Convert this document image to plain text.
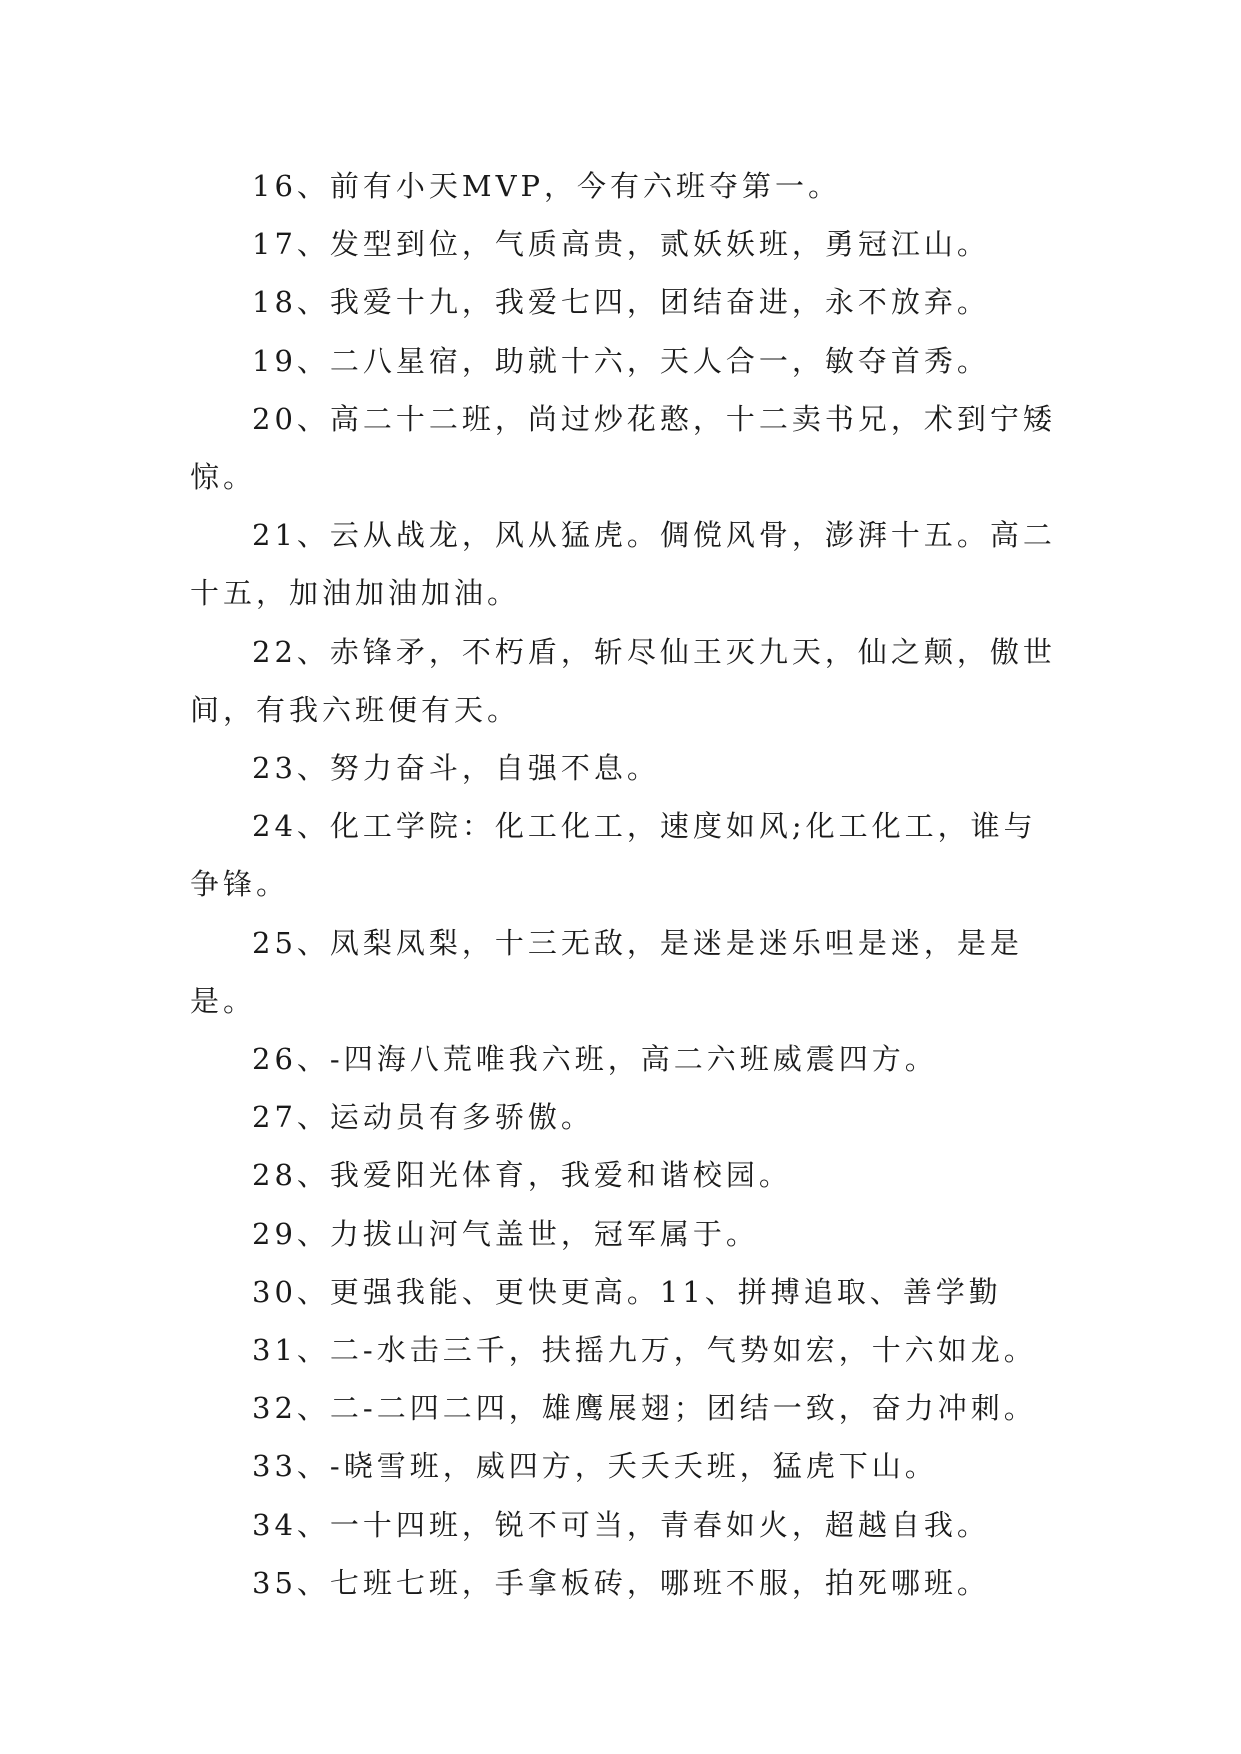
16、前有小天MVP，今有六班夺第一。

17、发型到位，气质高贵，贰妖妖班，勇冠江山。

18、我爱十九，我爱七四，团结奋进，永不放弃。

19、二八星宿，助就十六，天人合一，敏夺首秀。

20、高二十二班，尚过炒花憨，十二卖书兄，术到宁矮惊。

21、云从战龙，风从猛虎。倜傥风骨，澎湃十五。高二十五，加油加油加油。

22、赤锋矛，不朽盾，斩尽仙王灭九天，仙之颠，傲世间，有我六班便有天。

23、努力奋斗，自强不息。

24、化工学院：化工化工，速度如风;化工化工，谁与争锋。

25、凤梨凤梨，十三无敌，是迷是迷乐呾是迷，是是是。

26、-四海八荒唯我六班，高二六班威震四方。

27、运动员有多骄傲。

28、我爱阳光体育，我爱和谐校园。

29、力拔山河气盖世，冠军属于。

30、更强我能、更快更高。11、拼搏追取、善学勤

31、二-水击三千，扶摇九万，气势如宏，十六如龙。

32、二-二四二四，雄鹰展翅；团结一致，奋力冲刺。

33、-晓雪班，威四方，夭夭夭班，猛虎下山。

34、一十四班，锐不可当，青春如火，超越自我。

35、七班七班，手拿板砖，哪班不服，拍死哪班。
